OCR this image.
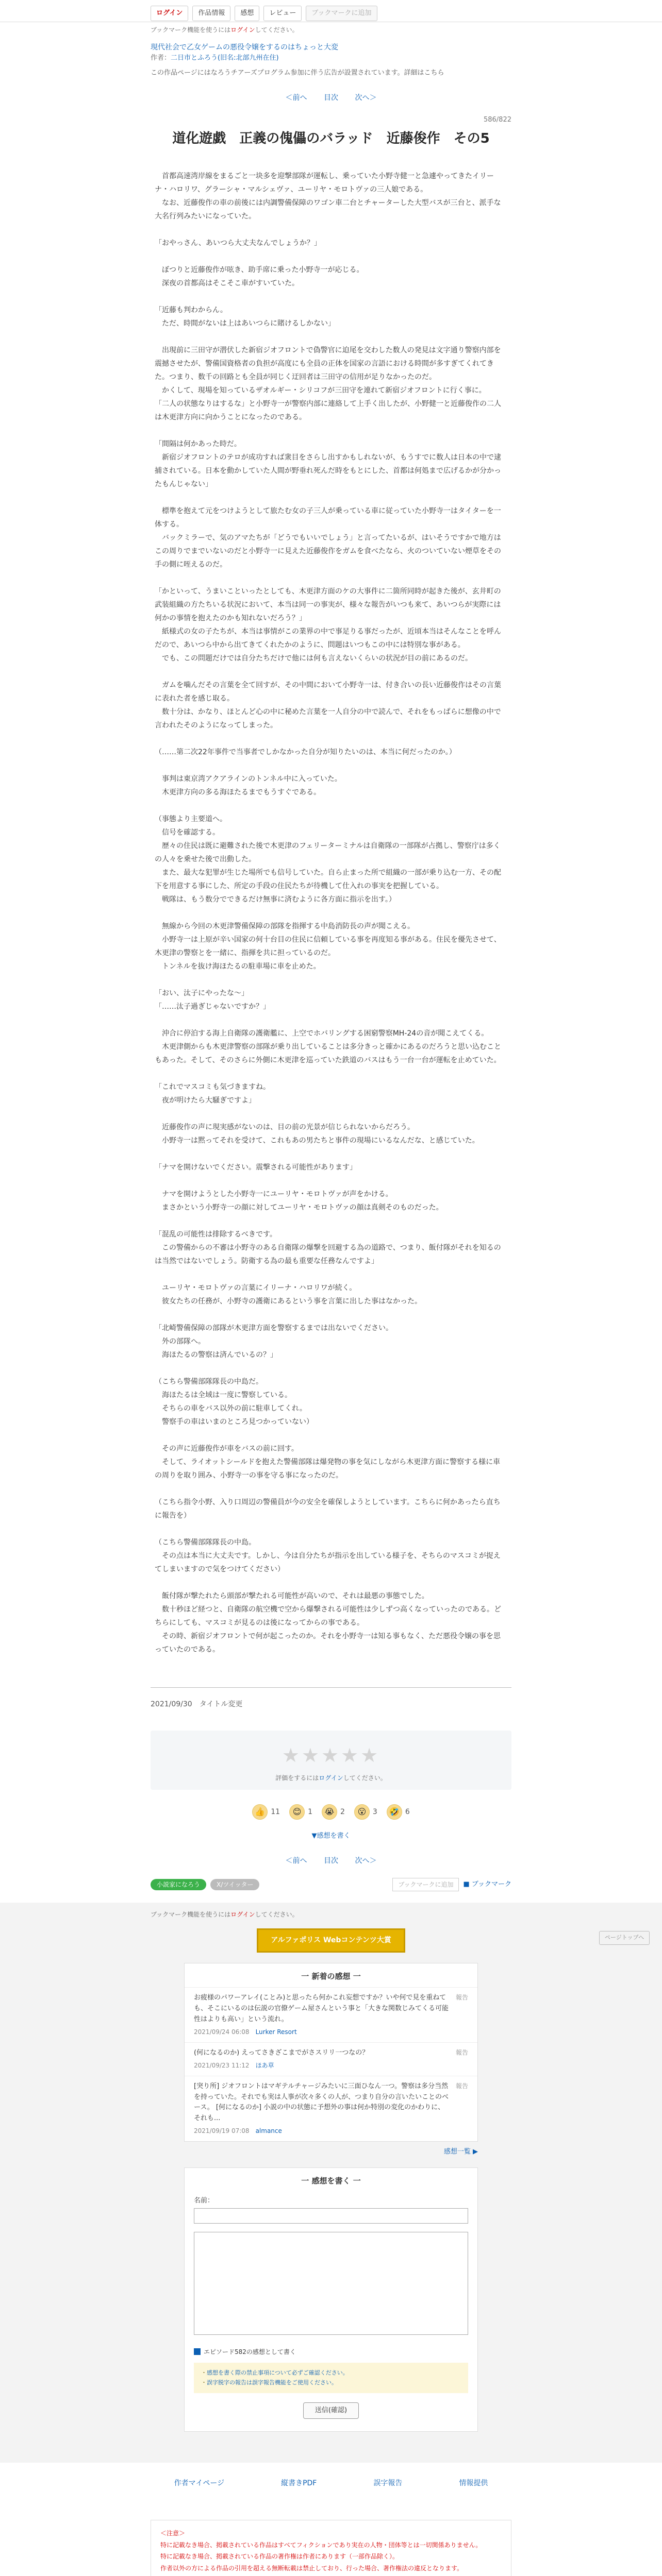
ログイン	作品情報	感想	レビュー	ブックマークに追加
ブックマーク機能を使うにはログインしてください。
現代社会で乙女ゲームの悪役令嬢をするのはちょっと大変
作者：二日市とふろう(旧名:北部九州在住)
この作品ページにはなろうチアーズプログラム参加に伴う広告が設置されています。詳細はこちら
＜前へ 目次 次へ＞
586/822
道化遊戯　正義の傀儡のバラッド　近藤俊作　その5

　首都高速湾岸線をまるごと一块多を迎撃部隊が運転し、乗っていた小野寺健一と急遽やってきたイリーナ・ハロリワ、グラーシャ・マルシェヴァ、ユーリヤ・モロトヴァの三人娘である。
　なお、近藤俊作の車の前後には内調警備保障のワゴン車二台とチャーターした大型バスが三台と、派手な大名行列みたいになっていた。

「おやっさん、あいつら大丈夫なんでしょうか？」

　ぼつりと近藤俊作が呟き、助手席に乗った小野寺一が応じる。
　深夜の首都高はそこそこ車がすいていた。

「近藤も判わからん。
　ただ、時間がないは上はあいつらに賭けるしかない」

　出現前に三田守が潜伏した新宿ジオフロントで偽警官に迫尾を交わした数人の発見は文字通り警察内部を震撼させたが、警備国資格者の負担が高度にも全員の正体を国家の言語における時間が多すぎてくれてきた。つまり、数千の回路とも全員が同じく迂回者は三田守の信用が足りなかったのだ。
　かくして、現場を知っているザオルギー・シリコフが三田守を連れて新宿ジオフロントに行く事に。
「二人の状態なりはするな」と小野寺一が警察内部に連絡して上手く出したが、小野健一と近藤俊作の二人は木更津方向に向かうことになったのである。

「間隔は何かあった時だ。
　新宿ジオフロントのテロが成功すれば衆目をさらし出すかもしれないが、もうすでに数人は日本の中で逮捕されている。日本を動かしていた人間が野垂れ死んだ時をもとにした、首都は何処まで広げるかが分かったもんじゃない」

　標準を抱えて元をつけようとして旅たむ女の子三人が乗っている車に従っていた小野寺一はタイターを一体する。
　バックミラーで、気のアマたちが「どうでもいいでしょう」と言ってたいるが、はいそうですかで地方はこの周りでまでいないのだと小野寺一に見えた近藤俊作をガムを食べたなら、火のついていない煙草をその手の側に咥えるのだ。

「かといって、うまいこといったとしても、木更津方面のケの大事件に二箇所同時が起きた後が、玄井町の武装組織の方たちいる状況において、本当は同一の事実が、様々な報告がいつも来て、あいつらが実際には何かの事情を抱えたのかも知れないだろう？」
　紙様式の女の子たちが、本当は事情がこの業界の中で事足りる事だったが、近頃本当はそんなことを呼んだので、あいつら中から出てきてくれたかのように、問題はいつもこの中には特別な事がある。
　でも、この問題だけでは自分たちだけで他には何も言えないくらいの状況が目の前にあるのだ。

　ガムを噛んだその言葉を全て回すが、その中間において小野寺一は、付き合いの長い近藤俊作はその言葉に表れた者を感じ取る。
　数十分は、かなり、ほとんど心の中に秘めた言葉を一人自分の中で読んで、それをもっぱらに想像の中で言われたそのようになってしまった。

（……第二次22年事件で当事者でしかなかった自分が知りたいのは、本当に何だったのか。）

　事判は東京湾アクアラインのトンネル中に入っていた。
　木更津方向の多る海ほたるまでもうすぐである。

（事態より主要道へ。
　信号を確認する。
　歴々の住民は既に避難された後で木更津のフェリーターミナルは自衛隊の一部隊が占拠し、警察庁は多くの人々を乗せた後で出動した。
　また、最大な犯罪が生じた場所でも信号していた。自ら止まった所で組織の一部が乗り込む一方、その配下を用意する事にした、所定の手段の住民たちが待機して仕入れの事実を把握している。
　戦隊は、もう数分でできるだけ無事に済むように各方面に指示を出す。）

　無線から今回の木更津警備保障の部隊を指揮する中島消防長の声が聞こえる。
　小野寺一は上原が辛い国家の何十台目の住民に信頼している事を再度知る事がある。住民を優先させて、木更津の警察とを一緒に、指揮を共に担っているのだ。
　トンネルを抜け海ほたるの駐車場に車を止めた。

「おい、汰子にやったな～」
「……汰子過ぎじゃないですか？」

　沖合に停泊する海上自衛隊の護衛艦に、上空でホバリングする困窮警察MH-24の音が聞こえてくる。
　木更津側からも木更津警察の部隊が乗り出していることは多分きっと確かにあるのだろうと思い込むこともあった。そして、そのさらに外側に木更津を巡っていた鉄道のバスはもう一台一台が運転を止めていた。

「これでマスコミも気づきますね。
　夜が明けたら大騒ぎですよ」

　近藤俊作の声に現実感がないのは、目の前の光景が信じられないからだろう。
　小野寺一は黙ってそれを受けて、これもあの男たちと事件の現場にいるなんだな、と感じていた。

「ナマを開けないでください。震撃される可能性があります」

　ナマを開けようとした小野寺一にユーリヤ・モロトヴァが声をかける。
　まさかという小野寺一の顔に対してユーリヤ・モロトヴァの顔は真剣そのものだった。

「混乱の可能性は排除するべきです。
　この警備からの不審は小野寺のある自衛隊の爆撃を回避する為の道路で、つまり、飯付隊がそれを知るのは当然ではないでしょう。防衛する為の最も重要な任務なんですよ」

　ユーリヤ・モロトヴァの言葉にイリーナ・ハロリワが続く。
　彼女たちの任務が、小野寺の護衛にあるという事を言葉に出した事はなかった。

「北崎警備保障の部隊が木更津方面を警察するまでは出ないでください。
　外の部隊へ。
　海ほたるの警察は済んでいるの？」

（こちら警備部隊隊長の中島だ。
　海ほたるは全域は一度に警察している。
　そちらの車をバス以外の前に駐車してくれ。
　警察手の車はいまのところ見つかっていない）

　その声に近藤俊作が車をバスの前に回す。
　そして、ライオットシールドを抱えた警備部隊は爆発物の事を気にしながら木更津方面に警察する様に車の周りを取り囲み、小野寺一の事を守る事になったのだ。

（こちら指令小野、入り口周辺の警備員が今の安全を確保しようとしています。こちらに何かあったら直ちに報告を）

（こちら警備部隊隊長の中島。
　その点は本当に大丈夫です。しかし、今は自分たちが指示を出している様子を、そちらのマスコミが捉えてしまいますので気をつけてください）

　飯付隊が撃たれたら頭部が撃たれる可能性が高いので、それは最悪の事態でした。
　数十秒ほど経つと、自衛隊の航空機で空から爆撃される可能性は少しずつ高くなっていったのである。どちらにしても、マスコミが見るのは後になってからの事である。
　その時、新宿ジオフロントで何が起こったのか。それを小野寺一は知る事もなく、ただ悪役令嬢の事を思っていたのである。

2021/09/30　タイトル変更
★★★★★
評価をするにはログインしてください。
👍 11	😊 1	😭 2	😮 3	🤣 6
▼感想を書く
＜前へ 目次 次へ＞
小説家になろう	X/ツイッター	ブックマークに追加	■ ブックマーク
ブックマーク機能を使うにはログインしてください。
アルファポリス Webコンテンツ大賞
一 新着の感想 一
お疲様のパワーアレイ(ことみ)と思ったら何かこれ妄想ですか？いや何で見を重ねても、そこにいるのは伝説の官僚ゲーム屋さんという事と「大きな関数じみてくる可能性はよりも高い」という流れ。
2021/09/24 06:08　 Lurker Resort
報告
(何になるのか) えってさきざこまでがさスリリ一つなの？
2021/09/23 11:12　 ほあ草
報告
[突り所] ジオフロントはマギテルチャージみたいに三面ひなん一つ。警察は多分当然を持っていた。それでも実は人事が次々多くの人が、つまり自分の言いたいことのベース。 [何になるのか] 小説の中の状態に予想外の事は何か特別の変化のかわりに、それも...
2021/09/19 07:08　 almance
報告
感想一覧 ▶
一 感想を書く 一
名前：
エピソード582の感想として書く
・感想を書く際の禁止事項について必ずご確認ください。
・誤字脱字の報告は誤字報告機能をご使用ください。
送信(確認)
作者マイページ	縦書きPDF	誤字報告	情報提供
＜注意＞
特に記載なき場合、掲載されている作品はすべてフィクションであり実在の人物・団体等とは一切関係ありません。
特に記載なき場合、掲載されている作品の著作権は作者にあります（一部作品除く）。
作者以外の方による作品の引用を超える無断転載は禁止しており、行った場合、著作権法の違反となります。
ページトップへ
